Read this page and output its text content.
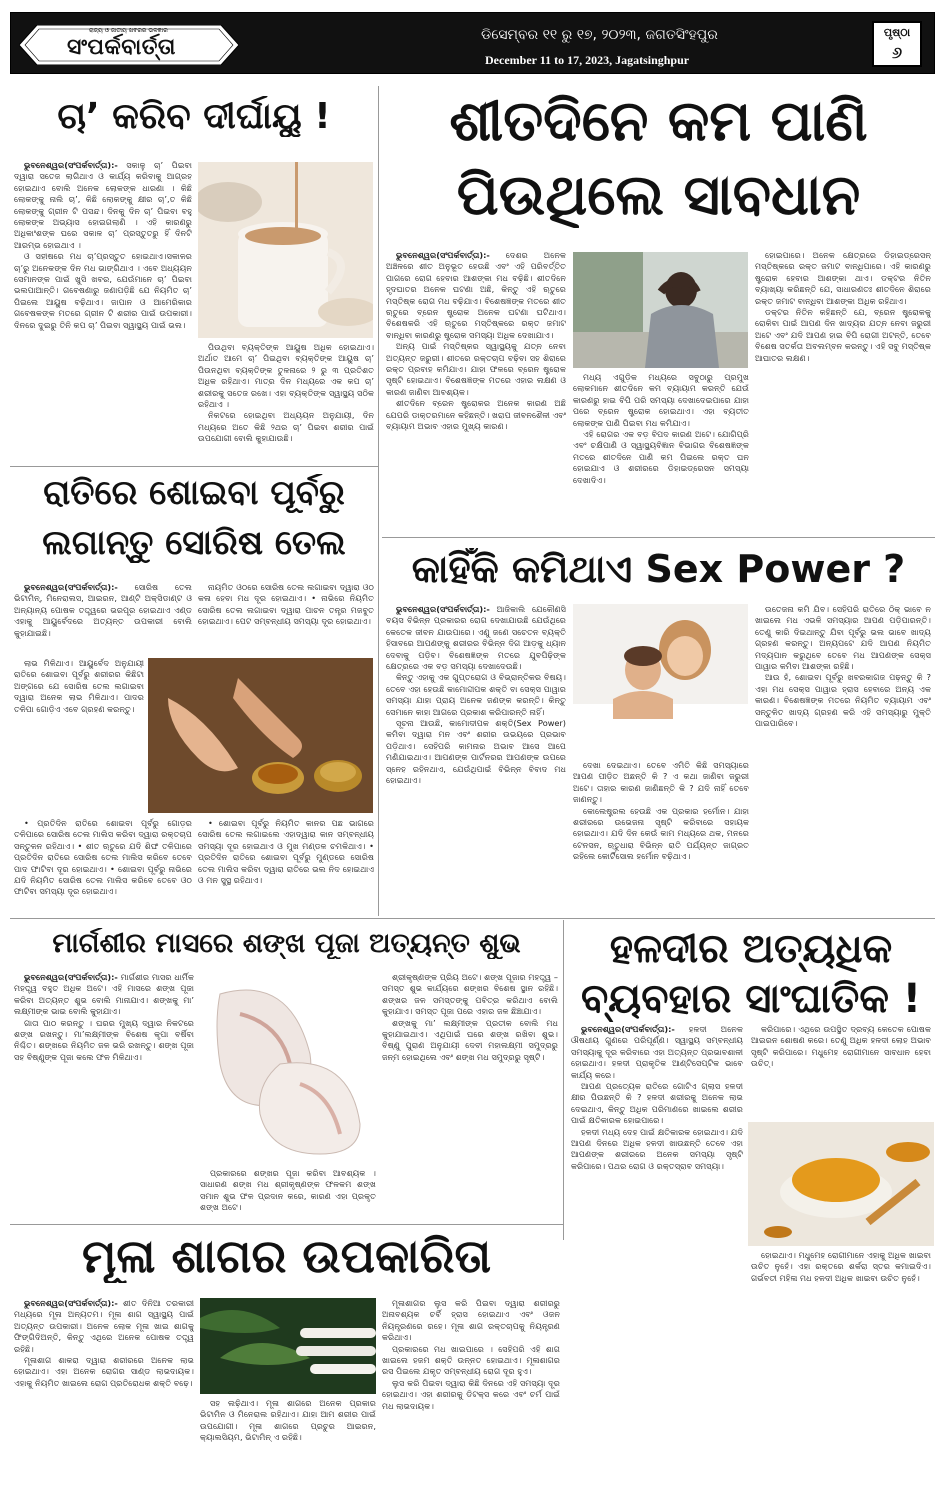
ରାଜ୍ୟ ଓ ଜାତୀୟ ଖବରର ଭଳକାର
ସଂପର୍କବାର୍ତ୍ତା	ଡିସେମ୍ବର ୧୧ ରୁ ୧୭, ୨୦୨୩, ଜଗତସିଂହପୁର
December 11 to 17, 2023, Jagatsinghpur
ପୃଷ୍ଠା
୬
ଚା’ କରିବ ଦୀର୍ଘାୟୁ !

ଭୁବନେଶ୍ୱର(ସଂପର୍କବାର୍ତ୍ତା):- ସକାଳୁ ଚା’ ପିଇବା ଦ୍ୱାରା ସତେଜ ଲାଗିଥାଏ ଓ କାର୍ଯ୍ୟ କରିବାକୁ ଆଗ୍ରହ ହୋଇଥାଏ ବୋଲି ଅନେକ ଲୋକଙ୍କ ଧାରଣା । କିଛି ଲୋକଙ୍କୁ ନାଲି ଚା’, କିଛି ଲୋକଙ୍କୁ କ୍ଷୀର ଚା’,ତ କିଛି ଲୋକଙ୍କୁ ଗ୍ରୀନ ଟି ପସନ୍ଦ। ଦିନକୁ ଦିନ ଚା’ ପିଇବା ବହୁ ଲୋକଙ୍କ ଅଭ୍ୟାସ ହୋଇଗଲାଣି । ଏହି କାରଣରୁ ଅଧିକାଂଶଙ୍କ ଘରେ ସକାଳ ଚା’ ପ୍ରସ୍ତୁତରୁ ହିଁ ଦିନଟି ଆରମ୍ଭ ହୋଇଥାଏ ।

ଓ ସହୀଷରେ ମଧ ଚା’ପ୍ରସ୍ତୁତ ହୋଇଥାଏ।ସକାଳର ଚା’ରୁ ଅନେକଙ୍କ ଦିନ ମଧ ଭାଙ୍ଗିଥାଏ । ଏବେ ଅଧ୍ୟୟନ ସେମାନଙ୍କ ପାଇଁ ଖୁସି ଖବର, ଯେଉଁମାନେ ଚା’ ପିଇବା ଭଲପାଆନ୍ତି। ଗବେଷଣାରୁ ଜଣାପଡ଼ିଛି ଯେ ନିୟମିତ ଚା’ ପିଇଲେ ଆୟୁଷ ବଢ଼ିଥାଏ। ଜାପାନ ଓ ଆମେରିକାର ଗବେଷକଙ୍କ ମତରେ ଗ୍ରୀନ ଟି ଶରୀର ପାଇଁ ଉପକାରୀ। ଦିନରେ ଦୁଇରୁ ତିନି କପ ଚା’ ପିଇବା ସ୍ୱାସ୍ଥ୍ୟ ପାଇଁ ଭଲ।

ପିଉଥିବା ବ୍ୟକ୍ତିଙ୍କ ଆୟୁଷ ଅଧିକ ହୋଇଥାଏ। ଅର୍ଥାତ ଆମେ ଚା’ ପିଇଥିବା ବ୍ୟକ୍ତିଙ୍କ ଆୟୁଷ ଚା’ ପିଉନଥିବା ବ୍ୟକ୍ତିଙ୍କ ତୁଳନାରେ ୨ ରୁ ୩ ପ୍ରତିଶତ ଅଧିକ ରହିଥାଏ। ମାତ୍ର ଦିନ ମଧ୍ୟରେ ଏକ କପ ଚା’ ଶରୀରକୁ ସତେଜ ରଖେ। ଏହା ବ୍ୟକ୍ତିଙ୍କ ସ୍ୱାସ୍ଥ୍ୟ ସଠିକ ରହିଥାଏ ।

ନିକଟରେ ହୋଇଥିବା ଅଧ୍ୟୟନ ଅନୁଯାୟୀ, ଦିନ ମଧ୍ୟରେ ଅତେ କିଛି ୨ଥର ଚା’ ପିଇବା ଶରୀର ପାଇଁ ଉପଯୋଗୀ ବୋଲି କୁହାଯାଉଛି।

ଶୀତଦିନେ କମ ପାଣି
ପିଉଥିଲେ ସାବଧାନ

ଭୁବନେଶ୍ୱର(ସଂପର୍କବାର୍ତ୍ତା):- ଦେଶର ଅନେକ ଅଞ୍ଚଳରେ ଶୀତ ଅନୁଭୂତ ହେଉଛି ଏବଂ ଏହି ପରିବର୍ତ୍ତିତ ପାଗରେ ରୋଗ ହେବାର ଆଶଙ୍କା ମଧ ବଢ଼ିଛି। ଶୀତଦିନେ ହୃଦଘାତର ଅନେକ ଘଟଣା ଅଛି, କିନ୍ତୁ ଏହି ଋତୁରେ ମସ୍ତିଷ୍କ ରୋଗ ମଧ ବଢ଼ିଯାଏ। ବିଶେଷଜ୍ଞଙ୍କ ମତରେ ଶୀତ ଋତୁରେ ବ୍ରେନ ଷ୍ଟ୍ରୋକ ଅନେକ ଘଟଣା ଘଟିଥାଏ। ବିଶେଷକରି ଏହି ଋତୁରେ ମସ୍ତିଷ୍କରେ ରକ୍ତ ଜମାଟ ବାନ୍ଧିବା କାରଣରୁ ଷ୍ଟ୍ରୋକ ସମସ୍ୟା ଅଧିକ ଦେଖାଯାଏ।

ଅନ୍ୟ ପାଇଁ ମସ୍ତିଷ୍କର ସ୍ୱାସ୍ଥ୍ୟକୁ ଯତ୍ନ ନେବା ଅତ୍ୟନ୍ତ ଜରୁରୀ। ଶୀତରେ ରକ୍ତଚାପ ବଢ଼ିବା ସହ ଶିରାରେ ରକ୍ତ ପ୍ରବାହ କମିଯାଏ। ଯାହା ଫଳରେ ବ୍ରେନ ଷ୍ଟ୍ରୋକ ସୃଷ୍ଟି ହୋଇଥାଏ। ବିଶେଷଜ୍ଞଙ୍କ ମତରେ ଏହାର ଲକ୍ଷଣ ଓ କାରଣ ଜାଣିବା ଆବଶ୍ୟକ।

ଶୀତଦିନେ ବ୍ରେନ ଷ୍ଟ୍ରୋକର ଅନେକ କାରଣ ଅଛି ଯେପରି ଡାକ୍ତରମାନେ କହିଛନ୍ତି। ଖରାପ ଜୀବନଶୈଳୀ ଏବଂ ବ୍ୟାୟାମ ଅଭାବ ଏହାର ମୁଖ୍ୟ କାରଣ।

ମଧ୍ୟ ଏଗୁଡ଼ିକ ମଧ୍ୟରେ ସବୁଠାରୁ ପ୍ରମୁଖ ଲୋକମାନେ ଶୀତଦିନେ କମ ବ୍ୟାୟାମ କରନ୍ତି ଯେଉଁ କାରଣରୁ ହାଇ ବିପି ପରି ସମସ୍ୟା ଦେଖାଦେଇପାରେ ଯାହା ପରେ ବ୍ରେନ ଷ୍ଟ୍ରୋକ ହୋଇଥାଏ। ଏହା ବ୍ୟତୀତ ଲୋକଙ୍କ ପାଣି ପିଇବା ମଧ କମିଯାଏ।

ଏହି ରୋଗର ଏକ ବଡ଼ ବିପଦ କାରଣ ଅଟେ। ଯୋଗିପ୍ରି ଏବଂ ଚକ୍ଷିପାଣି ଓ ସ୍ୱାସ୍ଥ୍ୟବିଜ୍ଞାନ ବିଭାଗର ବିଶେଷଜ୍ଞଙ୍କ ମତରେ ଶୀତଦିନେ ପାଣି କମ ପିଇଲେ ରକ୍ତ ଘନ ହୋଇଯାଏ ଓ ଶରୀରରେ ଡିହାଇଡ୍ରେସନ ସମସ୍ୟା ଦେଖାଦିଏ।

ହୋଇପାରେ। ଅନେକ କ୍ଷେତ୍ରରେ ଡିହାଇଡ୍ରେସନ୍ ମସ୍ତିଷ୍କରେ ରକ୍ତ ଜମାଟ ବାନ୍ଧିପାରେ। ଏହି କାରଣରୁ ଷ୍ଟ୍ରୋକ ହେବାର ଆଶଙ୍କା ଥାଏ। ଡକ୍ଟର ନିତିନ ବ୍ୟାଖ୍ୟା କରିଛନ୍ତି ଯେ, ସାଧାରଣତଃ ଶୀତଦିନେ ଶିରାରେ ରକ୍ତ ଜମାଟ ବାନ୍ଧିବା ଆଶଙ୍କା ଅଧିକ ରହିଥାଏ।

ଡକ୍ଟର ନିତିନ କହିଛନ୍ତି ଯେ, ବ୍ରେନ ଷ୍ଟ୍ରୋକକୁ ରୋକିବା ପାଇଁ ଆପଣ ଦିନ ଖାଦ୍ୟର ଯତ୍ନ ନେବା ଜରୁରୀ ଅଟେ ଏବଂ ଯଦି ଆପଣ ହାଇ ବିପି ରୋଗୀ ଅଟନ୍ତି, ତେବେ ବିଶେଷ ସତର୍କତା ଅବଲମ୍ବନ କରନ୍ତୁ। ଏହି ସବୁ ମସ୍ତିଷ୍କ ଆଘାତର ଲକ୍ଷଣ।

ରାତିରେ ଶୋଇବା ପୂର୍ବରୁ
ଲଗାନ୍ତୁ ସୋରିଷ ତେଲ

ଭୁବନେଶ୍ୱର(ସଂପର୍କବାର୍ତ୍ତା):- ସୋରିଷ ତେଲ ଭିଟାମିନ୍, ମିନେରାଲସ, ଆଇରନ, ଆଣ୍ଟି ଅକ୍ସିଡାଣ୍ଟ ଓ ଅନ୍ୟାନ୍ୟ ପୋଷକ ତତ୍ତ୍ୱରେ ଭରପୂର ହୋଇଥାଏ ଏଣ୍ଡ ଏହାକୁ ଆୟୁର୍ବେଦରେ ଅତ୍ୟନ୍ତ ଉପକାରୀ ବୋଲି କୁହାଯାଇଛି।

ନାୟମିତ ଓଠରେ ସୋରିଷ ତେଲ ଲଗାଇବା ଦ୍ୱାରା ଓଠ କଳା ହେବା ମଧ ଦୂର ହୋଇଥାଏ। • ନାଭିରେ ନିୟମିତ ସୋରିଷ ତେଲ ଲଗାଇବା ଦ୍ୱାରା ପାଚନ ତନ୍ତ୍ର ମଜବୁତ ହୋଇଥାଏ। ପେଟ ସମ୍ବନ୍ଧୀୟ ସମସ୍ୟା ଦୂର ହୋଇଥାଏ।

ଲାଭ ମିଳିଥାଏ। ଆୟୁର୍ବେଦ ଅନୁଯାୟୀ ରାତିରେ ଶୋଇବା ପୂର୍ବରୁ ଶରୀରର କିଛିଟା ଅଙ୍ଗରେ ଯେ ସୋରିଷ ତେଲ ଲଗାଇବା ଦ୍ୱାରା ଅନେକ ଲାଭ ମିଳିଥାଏ। ପାଦର ତଳିପା ଗୋଡ଼ିଏ ଏବେ ଗ୍ରହଣ କରନ୍ତୁ।

• ପ୍ରତିଦିନ ରାତିରେ ଶୋଇବା ପୂର୍ବରୁ ଗୋଡ଼ର ତଳିପାରେ ସୋରିଷ ତେଲ ମାଲିସ କରିବା ଦ୍ୱାରା ରକ୍ତଚାପ ସନ୍ତୁଳନ ରହିଥାଏ। • ଶୀତ ଋତୁରେ ଯଦି ଶିଙ୍ଘ ତଳିପାରେ ପ୍ରତିଦିନ ରାତିରେ ସୋରିଷ ତେଲ ମାଲିସ କରିବେ ତେବେ ପାଦ ଫାଟିବା ଦୂର ହୋଇଥାଏ। • ଶୋଇବା ପୂର୍ବରୁ ନାଭିରେ ଯଦି ନିୟମିତ ସୋରିଷ ତେଲ ମାଲିସ କରିବେ ତେବେ ଓଠ ଫାଟିବା ସମସ୍ୟା ଦୂର ହୋଇଥାଏ।

• ଶୋଇବା ପୂର୍ବରୁ ନିୟମିତ କାନର ପଛ ଭାଗରେ ସୋରିଷ ତେଲ ଲଗାଇଲେ ଏହାଦ୍ୱାରା କାନ ସମ୍ବନ୍ଧୀୟ ସମସ୍ୟା ଦୂର ହୋଇଥାଏ ଓ ମୁଖ ମଣ୍ଡଳ ଚମକିଥାଏ। • ପ୍ରତିଦିନ ରାତିରେ ଶୋଇବା ପୂର୍ବରୁ ମୁଣ୍ଡରେ ସୋରିଷ ତେଲ ମାଲିସ କରିବା ଦ୍ୱାରା ରାତିରେ ଭଲ ନିଦ ହୋଇଥାଏ ଓ ମନ ସୁସ୍ଥ ରହିଥାଏ।

କାହିଁକି କମିଥାଏ Sex Power ?

ଭୁବନେଶ୍ୱର(ସଂପର୍କବାର୍ତ୍ତା):- ଆଜିକାଲି ଯେକୌଣସି ବୟସ ବିଭିନ୍ନ ପ୍ରକାରର ରୋଗ ଦେଖାଯାଉଛି ଯେଉଁଥିରେ କେତେକ ଜୀବନ ଯାଉପାରେ। ଏଣୁ ଜଣେ ସଚେତନ ବ୍ୟକ୍ତି ହିସାବରେ ଆପଣଙ୍କୁ ଶରୀରର ବିଭିନ୍ନ ଦିଗ ଆଡ଼କୁ ଧ୍ୟାନ ଦେବାକୁ ପଡ଼ିବ। ବିଶେଷଜ୍ଞଙ୍କ ମତରେ ଯୁବପିଢ଼ିଙ୍କ କ୍ଷେତ୍ରରେ ଏକ ବଡ଼ ସମସ୍ୟା ଦେଖାଦେଉଛି।

କିନ୍ତୁ ଏହାକୁ ଏକ ଗୁପ୍ତରୋଗ ଓ ବିଭ୍ରାନ୍ତିକର ବିଷୟ। ତେବେ ଏହା ହେଉଛି କାମୋଦ୍ଦୀପକ ଶକ୍ତି ବା ସେକ୍ସ ପାୱାର ସମସ୍ୟା ଯାହା ପ୍ରାୟ ଅନେକ ଜଣଙ୍କ କରନ୍ତି। କିନ୍ତୁ ସେମାନେ କାହା ଆଗରେ ପ୍ରକାଶ କରିପାରନ୍ତି ନାହିଁ।

ସୂଚନା ଆଉଛି, କାମୋଦୀପକ ଶକ୍ତି(Sex Power) କମିବା ଦ୍ୱାରା ମନ ଏବଂ ଶରୀର ଉଭୟରେ ପ୍ରଭାବ ପଡ଼ିଥାଏ। ସେହିପରି କାମନାର ଅଭାବ ଆସେ ଆପେ ମଣିଯାଇଥାଏ। ଆପଣଙ୍କ ପାର୍ଟନରର ଆପଣଙ୍କ ଉପରେ ସ୍ନେହ ରହିନଥାଏ, ଯେଉଁଥିପାଇଁ ବିଭିନ୍ନ ବିବାଦ ମଧ ହୋଇଥାଏ।

ଦେଖା ଦେଇଥାଏ। ତେବେ ଏମିତି କିଛି ସମସ୍ୟାରେ ଆପଣ ପୀଡ଼ିତ ଅଛନ୍ତି କି ? ଏ କଥା ଜାଣିବା ଜରୁରୀ ଅଟେ। ତାହାର କାରଣ ଜାଣିଛନ୍ତି କି ? ଯଦି ନାହିଁ ତେବେ ଜାଣନ୍ତୁ।

କୋଲେଷ୍ଟ୍ରଲ ହେଉଛି ଏକ ପ୍ରକାର ହର୍ମୋନ। ଯାହା ଶରୀରରେ ଉଭେଜନା ସୃଷ୍ଟି କରିବାରେ ସହାୟକ ହୋଇଥାଏ। ଯଦି ଦିନ କେଉଁ କାମ ମଧ୍ୟରେ ଥକ, ମନରେ ଟେନସନ, ଋତୁଧାରା ବିଭିନ୍ନ ରାତି ପର୍ଯ୍ୟନ୍ତ ଜାଗ୍ରତ ରହିଲେ କୋର୍ଟିସୋଲ ହର୍ମୋନ ବଢ଼ିଥାଏ।

ଉତେଜନା କମି ଯିବ। ସେହିପରି ରାତିରେ ଠିକ୍ ଭାବେ ନ ଖାଇଲେ ମଧ ଏଭଳି ସମସ୍ୟାର ଆପଣ ପଡ଼ିପାରନ୍ତି। ତେଣୁ କାରି ଦିଇଥାନ୍ତୁ ଯିବା ପୂର୍ବରୁ ଭଲ ଭାବେ ଖାଦ୍ୟ ଗ୍ରହଣ କରନ୍ତୁ। ଅନ୍ୟପଟେ ଯଦି ଆପଣ ନିୟମିତ ମଦ୍ୟପାନ କରୁଥିବେ ତେବେ ମଧ ଆପଣଙ୍କ ସେକ୍ସ ପାୱାର କମିବା ଆଶଙ୍କା ରହିଛି।

ଆଉ ହଁ, ଶୋଇବା ପୂର୍ବରୁ ଖବରକାଗଜ ପଢ଼ନ୍ତୁ କି ? ଏହା ମଧ ସେକ୍ସ ପାୱାର ହ୍ରାସ ହେବାରେ ଅନ୍ୟ ଏକ କାରଣ। ବିଶେଷଜ୍ଞଙ୍କ ମତରେ ନିୟମିତ ବ୍ୟାୟାମ ଏବଂ ସନ୍ତୁଳିତ ଖାଦ୍ୟ ଗ୍ରହଣ କରି ଏହି ସମସ୍ୟାରୁ ମୁକ୍ତି ପାଇପାରିବେ।

ମାର୍ଗଶୀର ମାସରେ ଶଙ୍ଖ ପୂଜା ଅତ୍ୟନ୍ତ ଶୁଭ

ଭୁବନେଶ୍ୱର(ସଂପର୍କବାର୍ତ୍ତା):- ମାର୍ଗଶୀର ମାସର ଧାର୍ମିକ ମହତ୍ତ୍ୱ ବହୁତ ଅଧିକ ଅଟେ। ଏହି ମାସରେ ଶଙ୍ଖ ପୂଜା କରିବା ଅତ୍ୟନ୍ତ ଶୁଭ ବୋଲି ମାନାଯାଏ। ଶଙ୍ଖକୁ ମା’ ଲକ୍ଷ୍ମୀଙ୍କ ଭାଇ ବୋଲି କୁହାଯାଏ।

ଗାତା ପାଠ କରନ୍ତୁ । ଘରର ମୁଖ୍ୟ ଦ୍ୱାର ନିକଟରେ ଶଙ୍ଖ ରଖନ୍ତୁ। ମା’ଲକ୍ଷ୍ମୀଙ୍କ ବିଶେଷ କୃପା ବର୍ଷିବା ନିଶ୍ଚିତ। ଶଙ୍ଖରେ ନିୟମିତ ଜଳ ଭରି ରଖନ୍ତୁ। ଶଙ୍ଖ ପୂଜା ସହ ବିଷ୍ଣୁଙ୍କ ପୂଜା କଲେ ଫଳ ମିଳିଥାଏ।

ପ୍ରକାରରେ ଶଙ୍ଖର ପୂଜା କରିବା ଆବଶ୍ୟକ । ସାଧାରଣ ଶଙ୍ଖ ମଧ ଶ୍ରୀକୃଷ୍ଣଙ୍କ ଫଳକମ ଶଙ୍ଖ ସମାନ ଶୁଭ ଫଳ ପ୍ରଦାନ କରେ, କାରଣ ଏହା ପ୍ରକୃତ ଶଙ୍ଖ ଅଟେ।

ଶ୍ରୀକୃଷ୍ଣଙ୍କ ପ୍ରିୟ ଅଟେ। ଶଙ୍ଖ ପୂଜାର ମହତ୍ତ୍ୱ – ସମସ୍ତ ଶୁଭ କାର୍ଯ୍ୟରେ ଶଙ୍ଖର ବିଶେଷ ସ୍ଥାନ ରହିଛି। ଶଙ୍ଖର ଜଳ ସମସ୍ତଙ୍କୁ ପବିତ୍ର କରିଥାଏ ବୋଲି କୁହାଯାଏ। ସମସ୍ତ ପୂଜା ପରେ ଏହାର ଜଳ ଛିଞ୍ଚାଯାଏ।

ଶଙ୍ଖକୁ ମା’ ଲକ୍ଷ୍ମୀଙ୍କ ପ୍ରତୀକ ବୋଲି ମଧ କୁହାଯାଇଥାଏ। ଏଥିପାଇଁ ଘରେ ଶଙ୍ଖ ରଖିବା ଶୁଭ। ବିଷ୍ଣୁ ପୁରାଣ ଅନୁଯାୟୀ ଦେବୀ ମହାଲକ୍ଷ୍ମୀ ସମୁଦ୍ରରୁ ଜନ୍ମ ହୋଇଥିଲେ ଏବଂ ଶଙ୍ଖ ମଧ ସମୁଦ୍ରରୁ ସୃଷ୍ଟି।

ହଳଦୀର ଅତ୍ୟଧିକ
ବ୍ୟବହାର ସାଂଘାତିକ !

ଭୁବନେଶ୍ୱର(ସଂପର୍କବାର୍ତ୍ତା):- ହଳଦୀ ଅନେକ ଔଷଧୀୟ ଗୁଣରେ ପରିପୂର୍ଣ୍ଣ। ସ୍ୱାସ୍ଥ୍ୟ ସମ୍ବନ୍ଧୀୟ ସମସ୍ୟାକୁ ଦୂର କରିବାରେ ଏହା ଅତ୍ୟନ୍ତ ପ୍ରଭାବଶାଳୀ ହୋଇଥାଏ। ହଳଦୀ ପ୍ରାକୃତିକ ଆଣ୍ଟିସେପ୍ଟିକ ଭାବେ କାର୍ଯ୍ୟ କରେ।

ଆପଣ ପ୍ରତ୍ୟେକ ରାତିରେ ଗୋଟିଏ ଗ୍ଲାସ ହଳଦୀ କ୍ଷୀର ପିଉଛନ୍ତି କି ? ହଳଦୀ ଶରୀରକୁ ଅନେକ ଲାଭ ଦେଇଥାଏ, କିନ୍ତୁ ଅଧିକ ପରିମାଣରେ ଖାଇଲେ ଶରୀର ପାଇଁ କ୍ଷତିକାରକ ହୋଇପାରେ।

ହଳଦୀ ମଧ୍ୟ ଦେହ ପାଇଁ କ୍ଷତିକାରକ ହୋଇଥାଏ। ଯଦି ଆପଣ ଦିନରେ ଅଧିକ ହଳଦୀ ଖାଉଛନ୍ତି ତେବେ ଏହା ଆପଣଙ୍କ ଶରୀରରେ ଅନେକ ସମସ୍ୟା ସୃଷ୍ଟି କରିପାରେ। ପଥର ରୋଗ ଓ ରକ୍ତସ୍ରାବ ସମସ୍ୟା।

କରିପାରେ। ଏଥିରେ ଉପସ୍ଥିତ ଦ୍ରବ୍ୟ କେତେକ ପୋଷକ ଆଇରନ ଶୋଷଣ କରେ। ତେଣୁ ଅଧିକ ହଳଦୀ ଲୋହ ଅଭାବ ସୃଷ୍ଟି କରିପାରେ। ମଧୁମେହ ରୋଗୀମାନେ ସାବଧାନ ହେବା ଉଚିତ୍।

ହୋଇଥାଏ। ମଧୁମେହ ରୋଗୀମାନେ ଏହାକୁ ଅଧିକ ଖାଇବା ଉଚିତ ନୁହେଁ। ଏହା ରକ୍ତରେ ଶର୍କରା ସ୍ତର କମାଇଦିଏ। ଗର୍ଭବତୀ ମହିଳା ମଧ ହଳଦୀ ଅଧିକ ଖାଇବା ଉଚିତ ନୁହେଁ।

ମୂଳା ଶାଗର ଉପକାରିତା

ଭୁବନେଶ୍ୱର(ସଂପର୍କବାର୍ତ୍ତା):- ଶୀତ ଦିନିଆ ତରକାରୀ ମଧ୍ୟରେ ମୂଳା ଅନ୍ୟତମ। ମୂଳା ଶାଗ ସ୍ୱାସ୍ଥ୍ୟ ପାଇଁ ଅତ୍ୟନ୍ତ ଉପକାରୀ। ଅନେକ ଲୋକ ମୂଳା ଖାଇ ଶାଗକୁ ଫିଙ୍ଗିଦିଅନ୍ତି, କିନ୍ତୁ ଏଥିରେ ଅନେକ ପୋଷକ ତତ୍ତ୍ୱ ରହିଛି।

ମୂଳାଶାଗ ଶାକରା ଦ୍ୱାରା ଶରୀରରେ ଅନେକ ଲାଭ ହୋଇଥାଏ। ଏହା ଅନେକ ରୋଗର ସାଣ୍ଡ ଲାଭଦାୟକ। ଏହାକୁ ନିୟମିତ ଖାଇଲେ ରୋଗ ପ୍ରତିରୋଧକ ଶକ୍ତି ବଢ଼େ।

ସହ ଲଢ଼ିଥାଏ। ମୂଳା ଶାଗରେ ଅନେକ ପ୍ରକାର ଭିଟାମିନ ଓ ମିନେରାଲ ରହିଥାଏ। ଯାହା ଆମ ଶରୀର ପାଇଁ ଉପଯୋଗୀ। ମୂଳା ଶାଗରେ ପ୍ରଚୁର ଆଇରନ, କ୍ୟାଲସିୟମ, ଭିଟାମିନ୍ ଏ ରହିଛି।

ମୂଳାଶାଗର ଲୁସ କରି ପିଇବା ଦ୍ୱାରା ଶରୀରରୁ ଅନାବଶ୍ୟକ ଚର୍ବି ହ୍ରାସ ହୋଇଥାଏ ଏବଂ ଓଜନ ନିୟନ୍ତ୍ରଣରେ ରହେ। ମୂଳା ଶାଗ ରକ୍ତଚାପକୁ ନିୟନ୍ତ୍ରଣ କରିଥାଏ।

ପ୍ରକାରରେ ମଧ ଖାଇପାରେ । ସେହିପରି ଏହି ଶାଗ ଖାଇଲେ ହଜମ ଶକ୍ତି ଉନ୍ନତ ହୋଇଥାଏ। ମୂଳାଶାଗର ରସ ପିଇଲେ ଯକୃତ ସମ୍ବନ୍ଧୀୟ ରୋଗ ଦୂର ହୁଏ।

ଲୁସ କରି ପିଇବା ଦ୍ୱାରା କିଛି ଦିନରେ ଏହି ସମସ୍ୟା ଦୂର ହୋଇଥାଏ। ଏହା ଶରୀରକୁ ଡିଟକ୍ସ କରେ ଏବଂ ଚର୍ମ ପାଇଁ ମଧ ଲାଭଦାୟକ।
